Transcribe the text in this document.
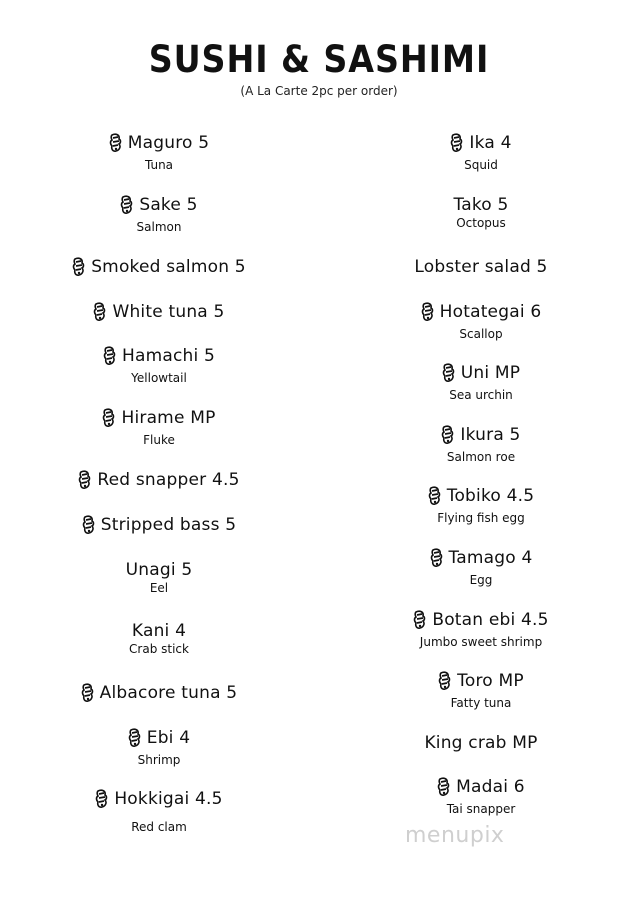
SUSHI & SASHIMI
(A La Carte 2pc per order)
Maguro 5
Tuna
Sake 5
Salmon
Smoked salmon 5
White tuna 5
Hamachi 5
Yellowtail
Hirame MP
Fluke
Red snapper 4.5
Stripped bass 5
Unagi 5
Eel
Kani 4
Crab stick
Albacore tuna 5
Ebi 4
Shrimp
Hokkigai 4.5
Red clam
Ika 4
Squid
Tako 5
Octopus
Lobster salad 5
Hotategai 6
Scallop
Uni MP
Sea urchin
Ikura 5
Salmon roe
Tobiko 4.5
Flying fish egg
Tamago 4
Egg
Botan ebi 4.5
Jumbo sweet shrimp
Toro MP
Fatty tuna
King crab MP
Madai 6
Tai snapper
menupix
